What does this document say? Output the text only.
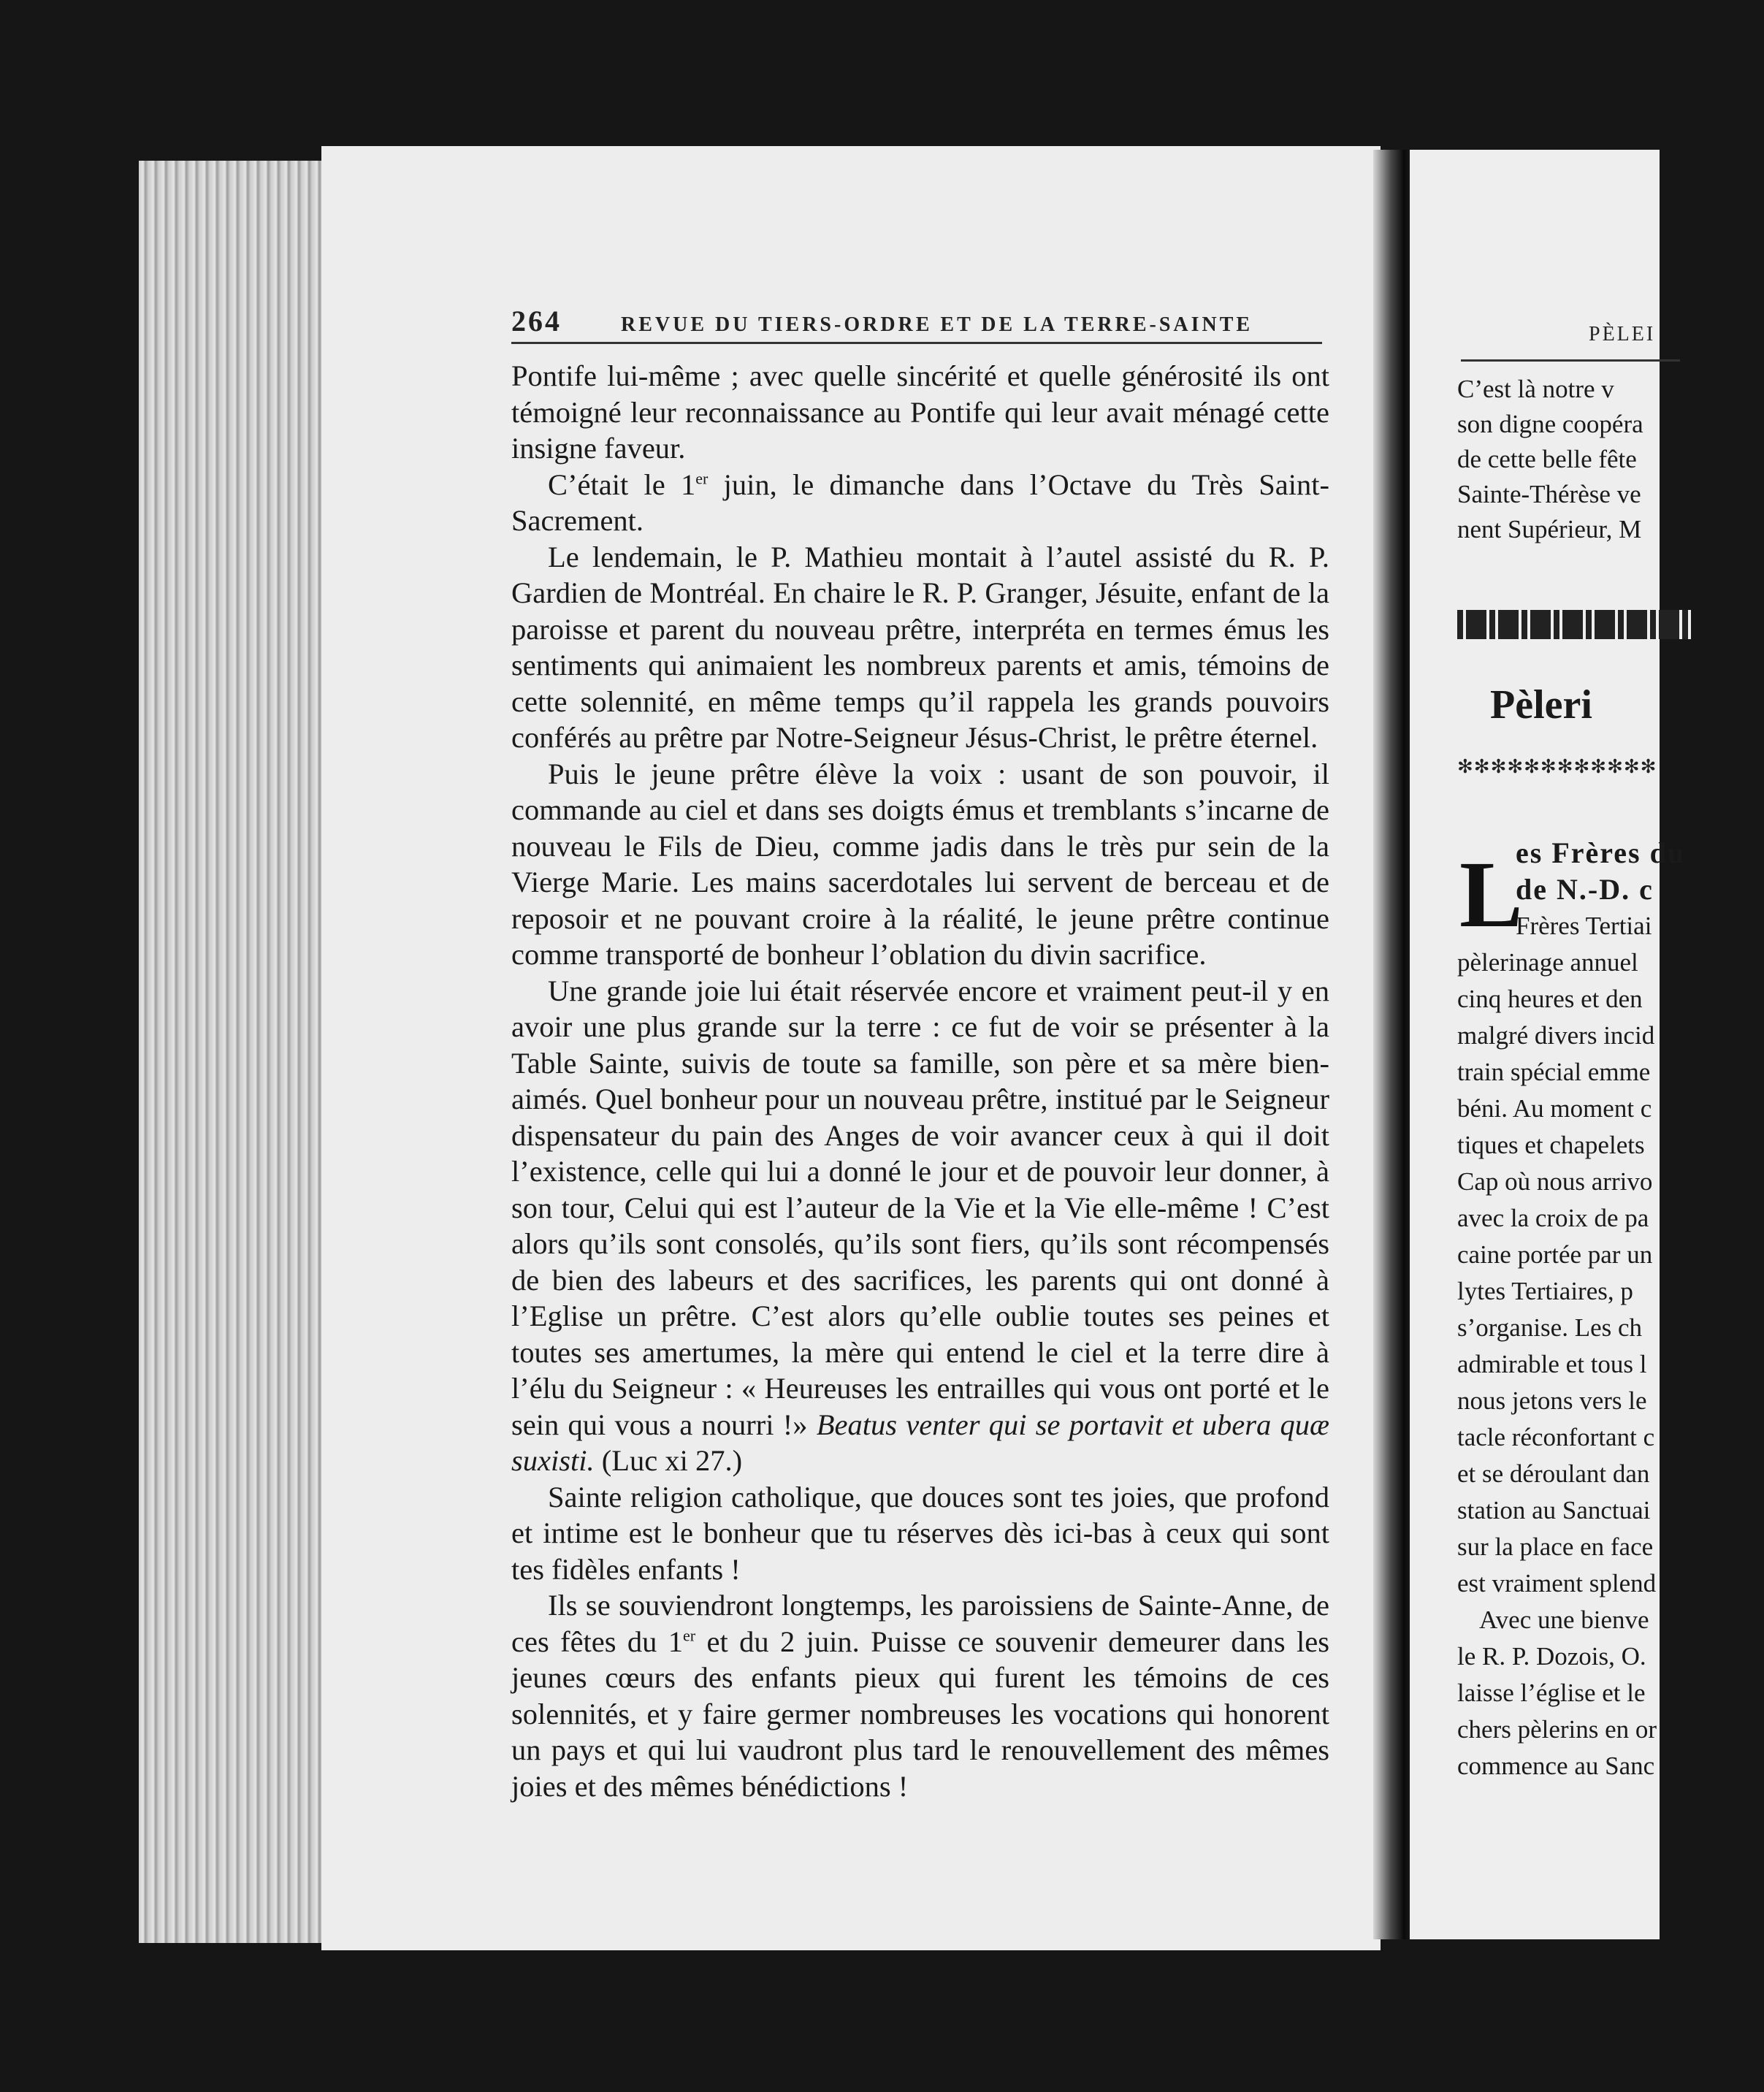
PÈLEI
C’est là notre v
son digne coopéra
de cette belle fête
Sainte-Thérèse ve
nent Supérieur, M
Pèleri
✻✻✻✻✻✻✻✻✻✻✻✻
L
es Frères du
de N.-D. c
Frères Tertiai
pèlerinage annuel
cinq heures et den
malgré divers incid
train spécial emme
béni. Au moment c
tiques et chapelets
Cap où nous arrivo
avec la croix de pa
caine portée par un
lytes Tertiaires, p
s’organise. Les ch
admirable et tous l
nous jetons vers le
tacle réconfortant c
et se déroulant dan
station au Sanctuai
sur la place en face
est vraiment splend
Avec une bienve
le R. P. Dozois, O.
laisse l’église et le
chers pèlerins en or
commence au Sanc
264	REVUE DU TIERS-ORDRE ET DE LA TERRE-SAINTE

Pontife lui-même ; avec quelle sincérité et quelle générosité ils ont témoigné leur reconnaissance au Pontife qui leur avait ménagé cette insigne faveur.

C’était le 1er juin, le dimanche dans l’Octave du Très Saint-Sacrement.

Le lendemain, le P. Mathieu montait à l’autel assisté du R. P. Gardien de Montréal. En chaire le R. P. Granger, Jésuite, enfant de la paroisse et parent du nouveau prêtre, interpréta en termes émus les sentiments qui animaient les nombreux parents et amis, témoins de cette solennité, en même temps qu’il rappela les grands pouvoirs conférés au prêtre par Notre-Seigneur Jésus-Christ, le prêtre éternel.

Puis le jeune prêtre élève la voix : usant de son pouvoir, il commande au ciel et dans ses doigts émus et tremblants s’incarne de nouveau le Fils de Dieu, comme jadis dans le très pur sein de la Vierge Marie. Les mains sacerdotales lui servent de berceau et de reposoir et ne pouvant croire à la réalité, le jeune prêtre continue comme transporté de bonheur l’oblation du divin sacrifice.

Une grande joie lui était réservée encore et vraiment peut-il y en avoir une plus grande sur la terre : ce fut de voir se présenter à la Table Sainte, suivis de toute sa famille, son père et sa mère bien-aimés. Quel bonheur pour un nouveau prêtre, institué par le Seigneur dispensateur du pain des Anges de voir avancer ceux à qui il doit l’existence, celle qui lui a donné le jour et de pouvoir leur donner, à son tour, Celui qui est l’auteur de la Vie et la Vie elle-même ! C’est alors qu’ils sont consolés, qu’ils sont fiers, qu’ils sont récompensés de bien des labeurs et des sacrifices, les parents qui ont donné à l’Eglise un prêtre. C’est alors qu’elle oublie toutes ses peines et toutes ses amertumes, la mère qui entend le ciel et la terre dire à l’élu du Seigneur : « Heureuses les entrailles qui vous ont porté et le sein qui vous a nourri !» Beatus venter qui se portavit et ubera quæ suxisti. (Luc xi 27.)

Sainte religion catholique, que douces sont tes joies, que profond et intime est le bonheur que tu réserves dès ici-bas à ceux qui sont tes fidèles enfants !

Ils se souviendront longtemps, les paroissiens de Sainte-Anne, de ces fêtes du 1er et du 2 juin. Puisse ce souvenir demeurer dans les jeunes cœurs des enfants pieux qui furent les témoins de ces solennités, et y faire germer nombreuses les vocations qui honorent un pays et qui lui vaudront plus tard le renouvellement des mêmes joies et des mêmes bénédictions !
